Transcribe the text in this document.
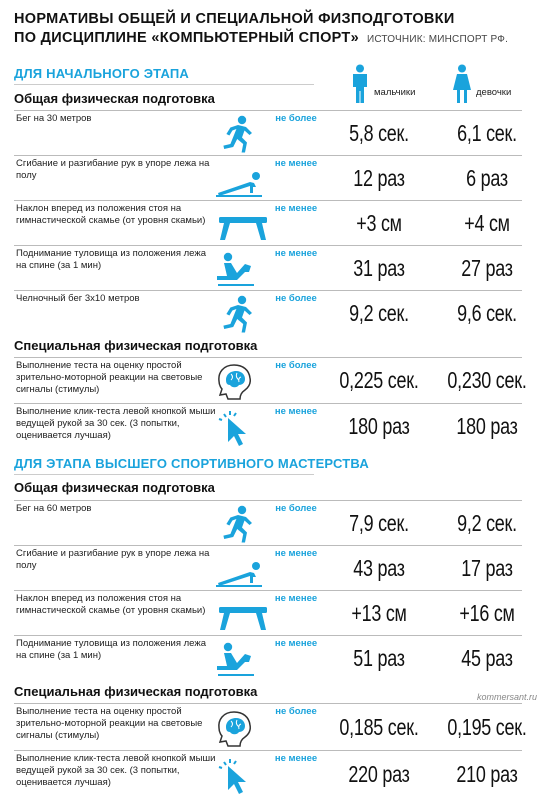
НОРМАТИВЫ ОБЩЕЙ И СПЕЦИАЛЬНОЙ ФИЗПОДГОТОВКИ
ПО ДИСЦИПЛИНЕ «КОМПЬЮТЕРНЫЙ СПОРТ» ИСТОЧНИК: МИНСПОРТ РФ.
мальчики	девочки
ДЛЯ НАЧАЛЬНОГО ЭТАПА
Общая физическая подготовка
Бег на 30 метров	не более
5,8 сек.	6,1 сек.
Сгибание и разгибание рук в упоре лежа на полу
не менее
12 раз	6 раз
Наклон вперед из положения стоя на гимнастической скамье (от уровня скамьи)
не менее
+3 см	+4 см
Поднимание туловища из положения лежа на спине (за 1 мин)
не менее
31 раз	27 раз
Челночный бег 3х10 метров	не более
9,2 сек.	9,6 сек.
Специальная физическая подготовка
Выполнение теста на оценку простой зрительно-моторной реакции на световые сигналы (стимулы)
не более
0,225 сек.	0,230 сек.
Выполнение клик-теста левой кнопкой мыши ведущей рукой за 30 сек. (3 попытки, оценивается лучшая)
не менее
180 раз	180 раз
ДЛЯ ЭТАПА ВЫСШЕГО СПОРТИВНОГО МАСТЕРСТВА
Общая физическая подготовка
Бег на 60 метров	не более
7,9 сек.	9,2 сек.
Сгибание и разгибание рук в упоре лежа на полу
не менее
43 раз	17 раз
Наклон вперед из положения стоя на гимнастической скамье (от уровня скамьи)
не менее
+13 см	+16 см
Поднимание туловища из положения лежа на спине (за 1 мин)
не менее
51 раз	45 раз
Специальная физическая подготовка	kommersant.ru
Выполнение теста на оценку простой зрительно-моторной реакции на световые сигналы (стимулы)
не более
0,185 сек.	0,195 сек.
Выполнение клик-теста левой кнопкой мыши ведущей рукой за 30 сек. (3 попытки, оценивается лучшая)
не менее
220 раз	210 раз
